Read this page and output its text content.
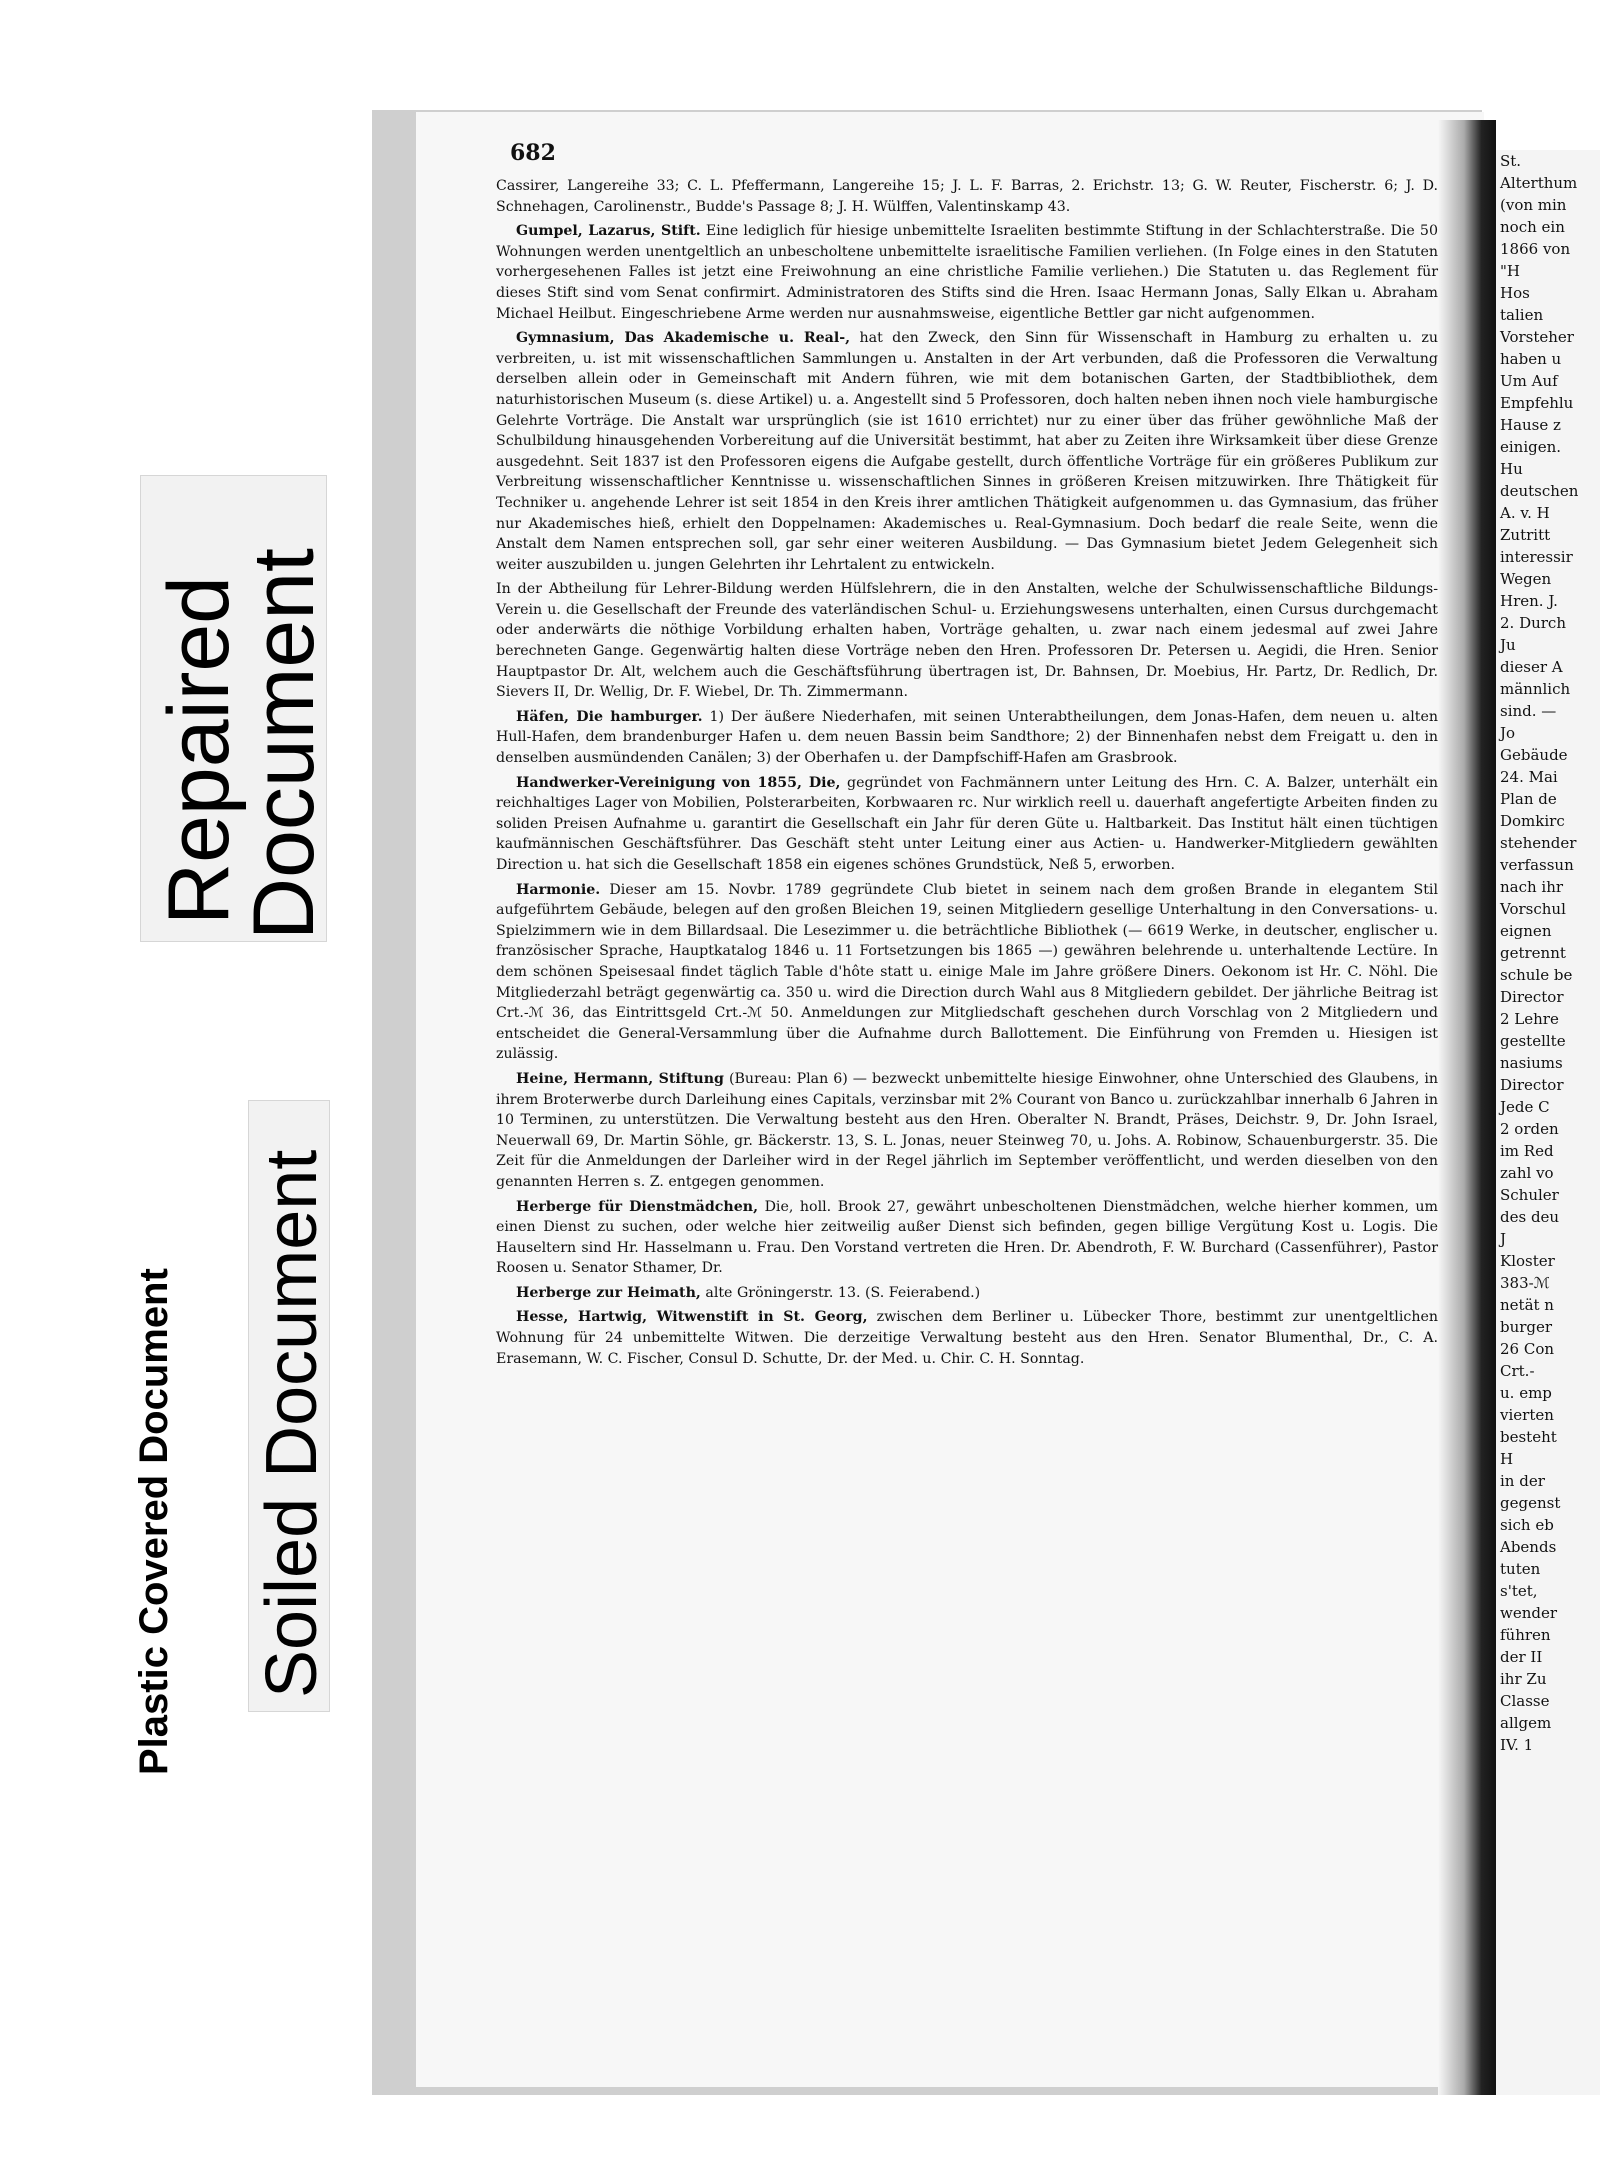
Repaired
Document
Soiled Document
Plastic Covered Document
St.
Alterthum
(von min
noch ein
1866 von
"H
Hos
talien
Vorsteher
haben u
Um Auf
Empfehlu
Hause z
einigen.
Hu
deutschen
A. v. H
Zutritt
interessir
Wegen
Hren. J.
2. Durch
Ju
dieser A
männlich
sind. —
Jo
Gebäude
24. Mai
Plan de
Domkirc
stehender
verfassun
nach ihr
Vorschul
eignen
getrennt
schule be
Director
2 Lehre
gestellte
nasiums
Director
Jede C
2 orden
im Red
zahl vo
Schuler
des deu
J
Kloster
383-ℳ
netät n
burger
26 Con
Crt.-
u. emp
vierten
besteht
H
in der
gegenst
sich eb
Abends
tuten
s'tet,
wender
führen
der II
ihr Zu
Classe
allgem
IV. 1
682

Cassirer, Langereihe 33; C. L. Pfeffermann, Langereihe 15; J. L. F. Barras, 2. Erichstr. 13; G. W. Reuter, Fischerstr. 6; J. D. Schnehagen, Carolinenstr., Budde's Passage 8; J. H. Wülffen, Valentinskamp 43.

Gumpel, Lazarus, Stift. Eine lediglich für hiesige unbemittelte Israeliten bestimmte Stiftung in der Schlachterstraße. Die 50 Wohnungen werden unentgeltlich an unbescholtene unbemittelte israelitische Familien verliehen. (In Folge eines in den Statuten vorhergesehenen Falles ist jetzt eine Freiwohnung an eine christliche Familie verliehen.) Die Statuten u. das Reglement für dieses Stift sind vom Senat confirmirt. Administratoren des Stifts sind die Hren. Isaac Hermann Jonas, Sally Elkan u. Abraham Michael Heilbut. Eingeschriebene Arme werden nur ausnahmsweise, eigentliche Bettler gar nicht aufgenommen.

Gymnasium, Das Akademische u. Real-, hat den Zweck, den Sinn für Wissenschaft in Hamburg zu erhalten u. zu verbreiten, u. ist mit wissenschaftlichen Sammlungen u. Anstalten in der Art verbunden, daß die Professoren die Verwaltung derselben allein oder in Gemeinschaft mit Andern führen, wie mit dem botanischen Garten, der Stadtbibliothek, dem naturhistorischen Museum (s. diese Artikel) u. a. Angestellt sind 5 Professoren, doch halten neben ihnen noch viele hamburgische Gelehrte Vorträge. Die Anstalt war ursprünglich (sie ist 1610 errichtet) nur zu einer über das früher gewöhnliche Maß der Schulbildung hinausgehenden Vorbereitung auf die Universität bestimmt, hat aber zu Zeiten ihre Wirksamkeit über diese Grenze ausgedehnt. Seit 1837 ist den Professoren eigens die Aufgabe gestellt, durch öffentliche Vorträge für ein größeres Publikum zur Verbreitung wissenschaftlicher Kenntnisse u. wissenschaftlichen Sinnes in größeren Kreisen mitzuwirken. Ihre Thätigkeit für Techniker u. angehende Lehrer ist seit 1854 in den Kreis ihrer amtlichen Thätigkeit aufgenommen u. das Gymnasium, das früher nur Akademisches hieß, erhielt den Doppelnamen: Akademisches u. Real-Gymnasium. Doch bedarf die reale Seite, wenn die Anstalt dem Namen entsprechen soll, gar sehr einer weiteren Ausbildung. — Das Gymnasium bietet Jedem Gelegenheit sich weiter auszubilden u. jungen Gelehrten ihr Lehrtalent zu entwickeln.

In der Abtheilung für Lehrer-Bildung werden Hülfslehrern, die in den Anstalten, welche der Schulwissenschaftliche Bildungs-Verein u. die Gesellschaft der Freunde des vaterländischen Schul- u. Erziehungswesens unterhalten, einen Cursus durchgemacht oder anderwärts die nöthige Vorbildung erhalten haben, Vorträge gehalten, u. zwar nach einem jedesmal auf zwei Jahre berechneten Gange. Gegenwärtig halten diese Vorträge neben den Hren. Professoren Dr. Petersen u. Aegidi, die Hren. Senior Hauptpastor Dr. Alt, welchem auch die Geschäftsführung übertragen ist, Dr. Bahnsen, Dr. Moebius, Hr. Partz, Dr. Redlich, Dr. Sievers II, Dr. Wellig, Dr. F. Wiebel, Dr. Th. Zimmermann.

Häfen, Die hamburger. 1) Der äußere Niederhafen, mit seinen Unterabtheilungen, dem Jonas-Hafen, dem neuen u. alten Hull-Hafen, dem brandenburger Hafen u. dem neuen Bassin beim Sandthore; 2) der Binnenhafen nebst dem Freigatt u. den in denselben ausmündenden Canälen; 3) der Oberhafen u. der Dampfschiff-Hafen am Grasbrook.

Handwerker-Vereinigung von 1855, Die, gegründet von Fachmännern unter Leitung des Hrn. C. A. Balzer, unterhält ein reichhaltiges Lager von Mobilien, Polsterarbeiten, Korbwaaren rc. Nur wirklich reell u. dauerhaft angefertigte Arbeiten finden zu soliden Preisen Aufnahme u. garantirt die Gesellschaft ein Jahr für deren Güte u. Haltbarkeit. Das Institut hält einen tüchtigen kaufmännischen Geschäftsführer. Das Geschäft steht unter Leitung einer aus Actien- u. Handwerker-Mitgliedern gewählten Direction u. hat sich die Gesellschaft 1858 ein eigenes schönes Grundstück, Neß 5, erworben.

Harmonie. Dieser am 15. Novbr. 1789 gegründete Club bietet in seinem nach dem großen Brande in elegantem Stil aufgeführtem Gebäude, belegen auf den großen Bleichen 19, seinen Mitgliedern gesellige Unterhaltung in den Conversations- u. Spielzimmern wie in dem Billardsaal. Die Lesezimmer u. die beträchtliche Bibliothek (— 6619 Werke, in deutscher, englischer u. französischer Sprache, Hauptkatalog 1846 u. 11 Fortsetzungen bis 1865 —) gewähren belehrende u. unterhaltende Lectüre. In dem schönen Speisesaal findet täglich Table d'hôte statt u. einige Male im Jahre größere Diners. Oekonom ist Hr. C. Nöhl. Die Mitgliederzahl beträgt gegenwärtig ca. 350 u. wird die Direction durch Wahl aus 8 Mitgliedern gebildet. Der jährliche Beitrag ist Crt.-ℳ 36, das Eintrittsgeld Crt.-ℳ 50. Anmeldungen zur Mitgliedschaft geschehen durch Vorschlag von 2 Mitgliedern und entscheidet die General-Versammlung über die Aufnahme durch Ballottement. Die Einführung von Fremden u. Hiesigen ist zulässig.

Heine, Hermann, Stiftung (Bureau: Plan 6) — bezweckt unbemittelte hiesige Einwohner, ohne Unterschied des Glaubens, in ihrem Broterwerbe durch Darleihung eines Capitals, verzinsbar mit 2% Courant von Banco u. zurückzahlbar innerhalb 6 Jahren in 10 Terminen, zu unterstützen. Die Verwaltung besteht aus den Hren. Oberalter N. Brandt, Präses, Deichstr. 9, Dr. John Israel, Neuerwall 69, Dr. Martin Söhle, gr. Bäckerstr. 13, S. L. Jonas, neuer Steinweg 70, u. Johs. A. Robinow, Schauenburgerstr. 35. Die Zeit für die Anmeldungen der Darleiher wird in der Regel jährlich im September veröffentlicht, und werden dieselben von den genannten Herren s. Z. entgegen genommen.

Herberge für Dienstmädchen, Die, holl. Brook 27, gewährt unbescholtenen Dienstmädchen, welche hierher kommen, um einen Dienst zu suchen, oder welche hier zeitweilig außer Dienst sich befinden, gegen billige Vergütung Kost u. Logis. Die Hauseltern sind Hr. Hasselmann u. Frau. Den Vorstand vertreten die Hren. Dr. Abendroth, F. W. Burchard (Cassenführer), Pastor Roosen u. Senator Sthamer, Dr.

Herberge zur Heimath, alte Gröningerstr. 13. (S. Feierabend.)

Hesse, Hartwig, Witwenstift in St. Georg, zwischen dem Berliner u. Lübecker Thore, bestimmt zur unentgeltlichen Wohnung für 24 unbemittelte Witwen. Die derzeitige Verwaltung besteht aus den Hren. Senator Blumenthal, Dr., C. A. Erasemann, W. C. Fischer, Consul D. Schutte, Dr. der Med. u. Chir. C. H. Sonntag.
